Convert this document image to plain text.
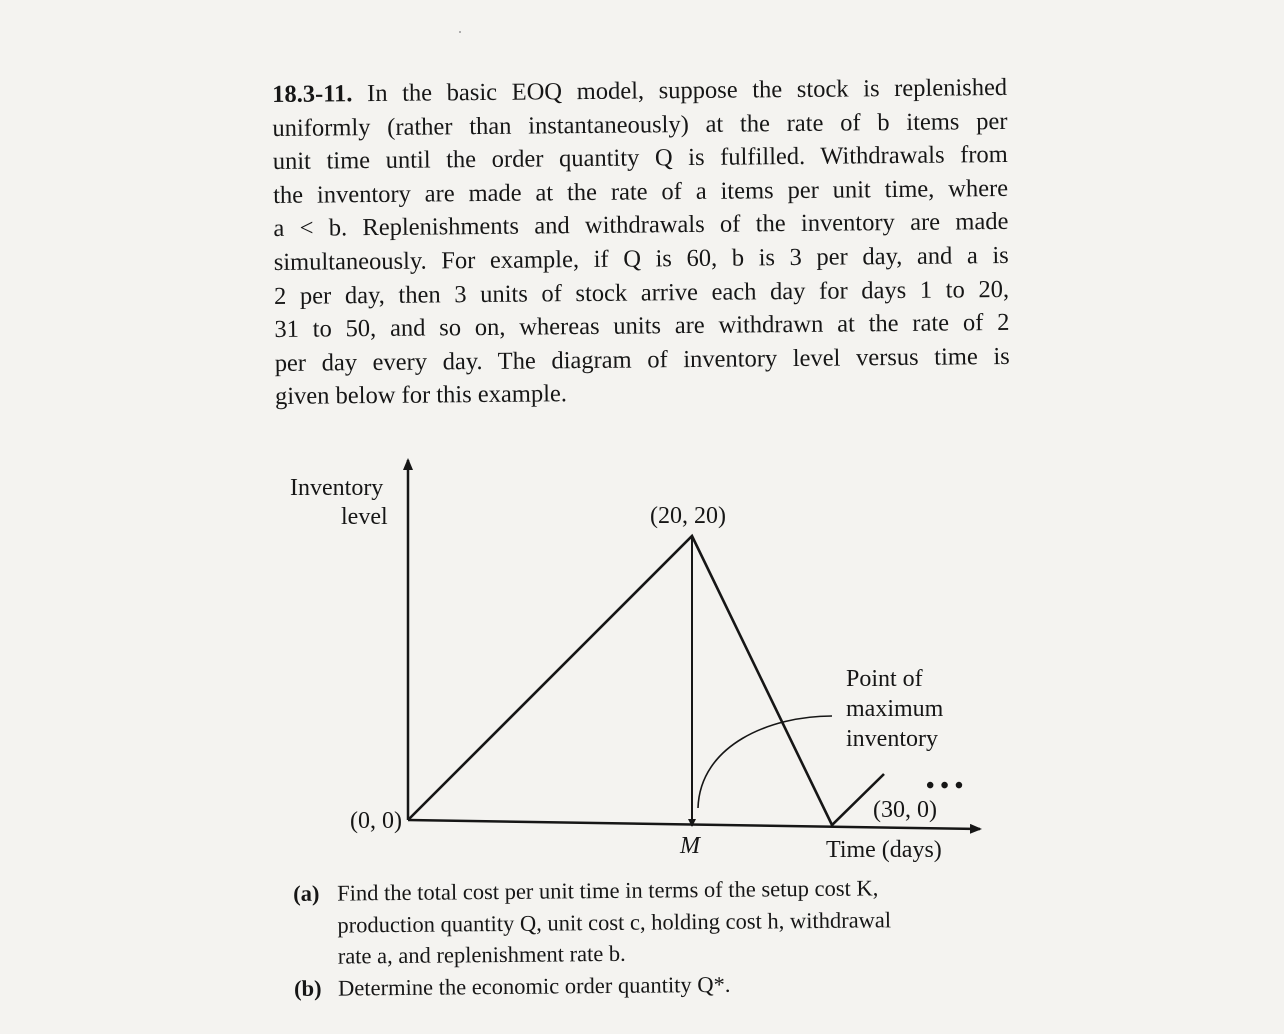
18.3-11. In the basic EOQ model, suppose the stock is replenished
uniformly (rather than instantaneously) at the rate of b items per
unit time until the order quantity Q is fulfilled. Withdrawals from
the inventory are made at the rate of a items per unit time, where
a < b. Replenishments and withdrawals of the inventory are made
simultaneously. For example, if Q is 60, b is 3 per day, and a is
2 per day, then 3 units of stock arrive each day for days 1 to 20,
31 to 50, and so on, whereas units are withdrawn at the rate of 2
per day every day. The diagram of inventory level versus time is
given below for this example.
Inventory
level	(20, 20)
(0, 0)
M
(30, 0)
Time (days)
Point of
maximum
inventory
• • •
(a) Find the total cost per unit time in terms of the setup cost K,
production quantity Q, unit cost c, holding cost h, withdrawal
rate a, and replenishment rate b.
(b) Determine the economic order quantity Q*.
